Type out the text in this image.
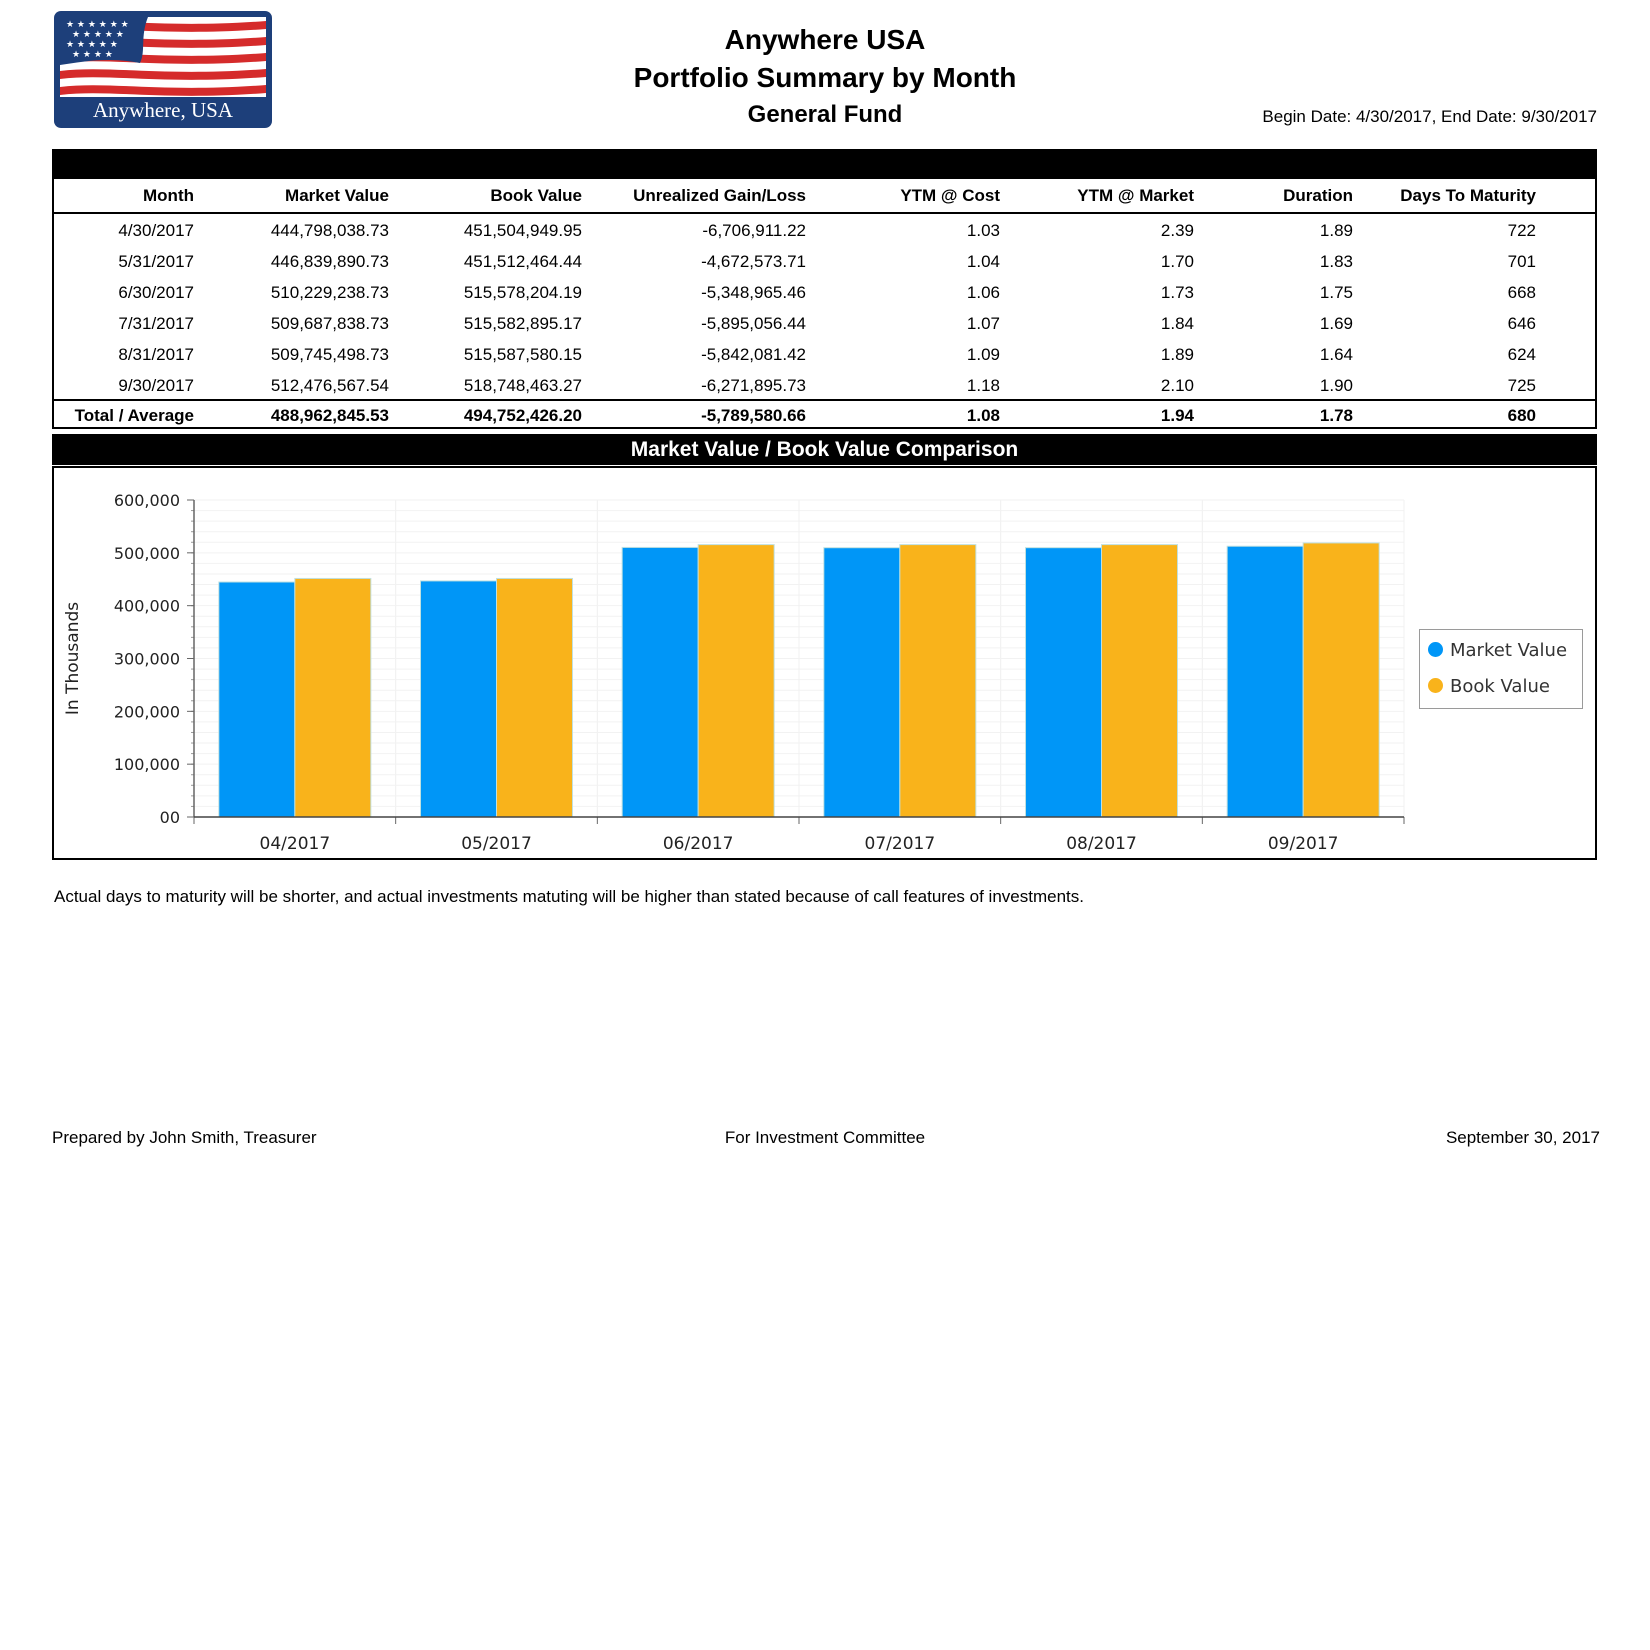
★ ★ ★ ★ ★ ★
★ ★ ★ ★ ★
★ ★ ★ ★ ★
★ ★ ★ ★
Anywhere, USA
Anywhere USA
Portfolio Summary by Month
General Fund	Begin Date: 4/30/2017, End Date: 9/30/2017
Month	Market Value	Book Value	Unrealized Gain/Loss	YTM @ Cost	YTM @ Market	Duration	Days To Maturity
4/30/2017	444,798,038.73	451,504,949.95	-6,706,911.22	1.03	2.39	1.89	722
5/31/2017	446,839,890.73	451,512,464.44	-4,672,573.71	1.04	1.70	1.83	701
6/30/2017	510,229,238.73	515,578,204.19	-5,348,965.46	1.06	1.73	1.75	668
7/31/2017	509,687,838.73	515,582,895.17	-5,895,056.44	1.07	1.84	1.69	646
8/31/2017	509,745,498.73	515,587,580.15	-5,842,081.42	1.09	1.89	1.64	624
9/30/2017	512,476,567.54	518,748,463.27	-6,271,895.73	1.18	2.10	1.90	725
Total / Average	488,962,845.53	494,752,426.20	-5,789,580.66	1.08	1.94	1.78	680
Market Value / Book Value Comparison
00
100,000
200,000
300,000
400,000
500,000
600,000
In Thousands
04/2017	05/2017	06/2017	07/2017	08/2017	09/2017
Market Value
Book Value
Actual days to maturity will be shorter, and actual investments matuting will be higher than stated because of call features of investments.
Prepared by John Smith, Treasurer	For Investment Committee	September 30, 2017
